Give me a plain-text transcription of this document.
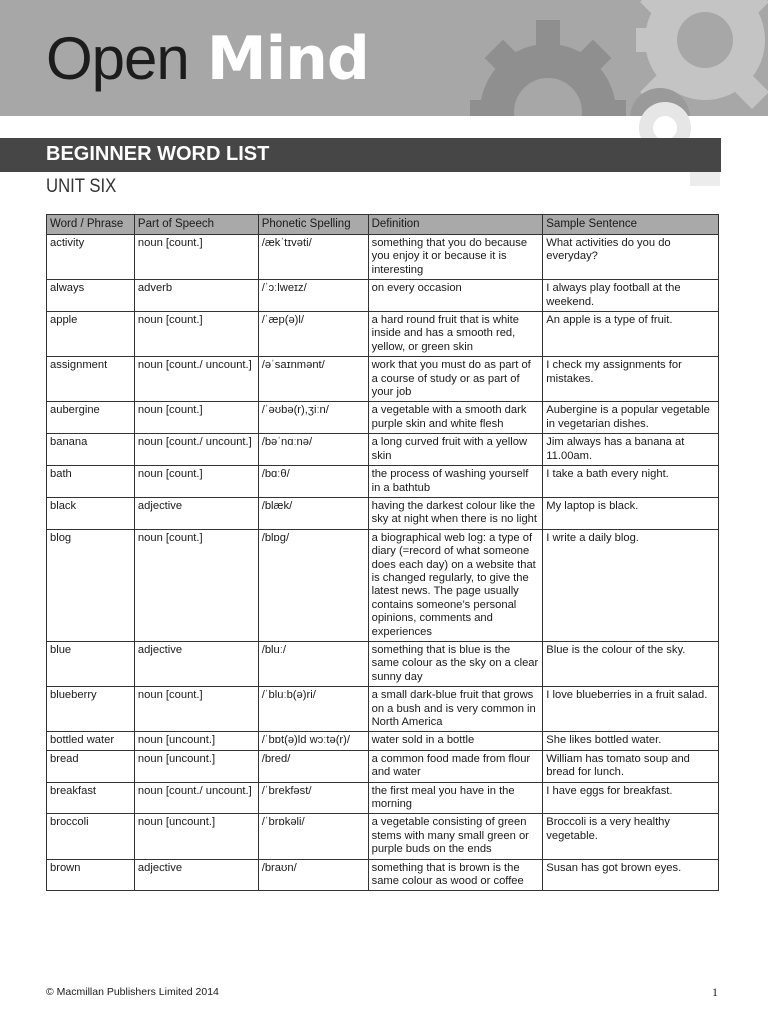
Open Mind
BEGINNER WORD LIST
UNIT SIX
Word / Phrase	Part of Speech	Phonetic Spelling	Definition	Sample Sentence
activity	noun [count.]	/ækˈtɪvəti/	something that you do because you enjoy it or because it is interesting	What activities do you do everyday?
always	adverb	/ˈɔːlweɪz/	on every occasion	I always play football at the weekend.
apple	noun [count.]	/ˈæp(ə)l/	a hard round fruit that is white inside and has a smooth red, yellow, or green skin	An apple is a type of fruit.
assignment	noun [count./ uncount.]	/əˈsaɪnmənt/	work that you must do as part of a course of study or as part of your job	I check my assignments for mistakes.
aubergine	noun [count.]	/ˈəʊbə(r),ʒiːn/	a vegetable with a smooth dark purple skin and white flesh	Aubergine is a popular vegetable in vegetarian dishes.
banana	noun [count./ uncount.]	/bəˈnɑːnə/	a long curved fruit with a yellow skin	Jim always has a banana at 11.00am.
bath	noun [count.]	/bɑːθ/	the process of washing yourself in a bathtub	I take a bath every night.
black	adjective	/blæk/	having the darkest colour like the sky at night when there is no light	My laptop is black.
blog	noun [count.]	/blɒg/	a biographical web log: a type of diary (=record of what someone does each day) on a website that is changed regularly, to give the latest news. The page usually contains someone’s personal opinions, comments and experiences	I write a daily blog.
blue	adjective	/bluː/	something that is blue is the same colour as the sky on a clear sunny day	Blue is the colour of the sky.
blueberry	noun [count.]	/ˈbluːb(ə)ri/	a small dark-blue fruit that grows on a bush and is very common in North America	I love blueberries in a fruit salad.
bottled water	noun [uncount.]	/ˈbɒt(ə)ld wɔːtə(r)/	water sold in a bottle	She likes bottled water.
bread	noun [uncount.]	/bred/	a common food made from flour and water	William has tomato soup and bread for lunch.
breakfast	noun [count./ uncount.]	/ˈbrekfəst/	the first meal you have in the morning	I have eggs for breakfast.
broccoli	noun [uncount.]	/ˈbrɒkəli/	a vegetable consisting of green stems with many small green or purple buds on the ends	Broccoli is a very healthy vegetable.
brown	adjective	/braʊn/	something that is brown is the same colour as wood or coffee	Susan has got brown eyes.
© Macmillan Publishers Limited 2014	1
